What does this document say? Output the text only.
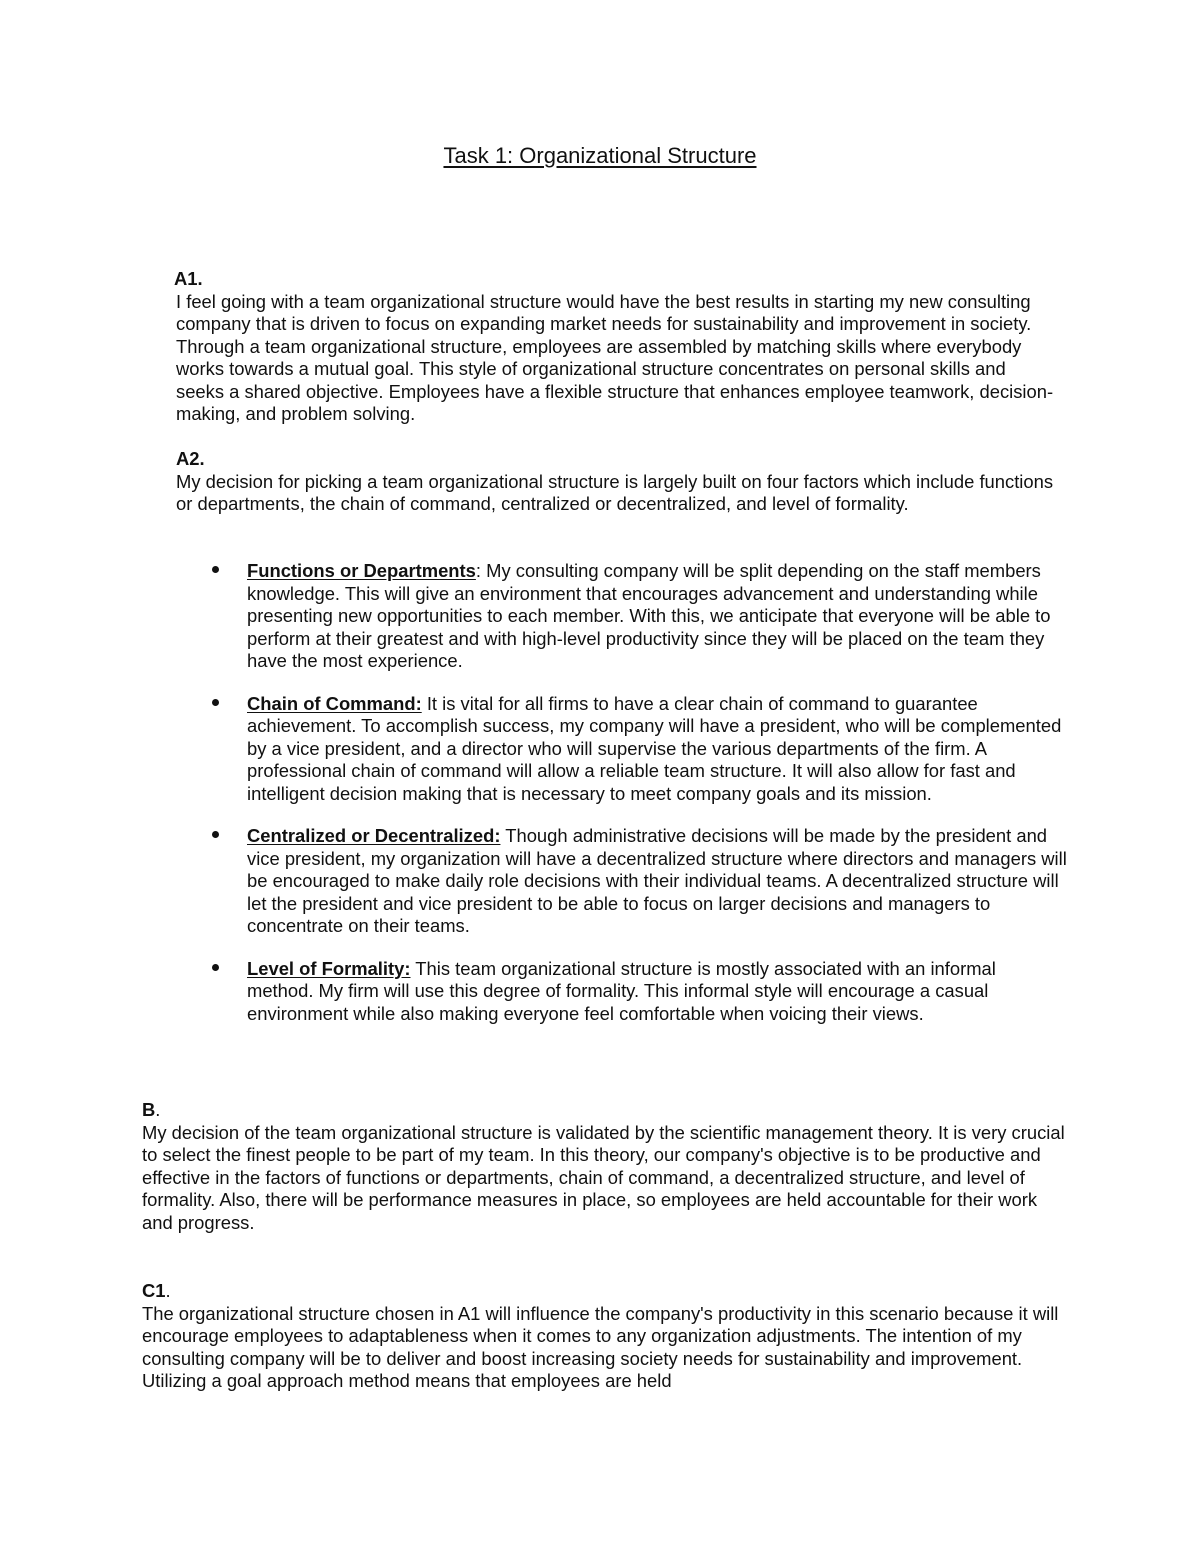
Task 1: Organizational Structure

A1.

I feel going with a team organizational structure would have the best results in starting my new consulting company that is driven to focus on expanding market needs for sustainability and improvement in society. Through a team organizational structure, employees are assembled by matching skills where everybody works towards a mutual goal. This style of organizational structure concentrates on personal skills and seeks a shared objective. Employees have a flexible structure that enhances employee teamwork, decision-making, and problem solving.

A2.

My decision for picking a team organizational structure is largely built on four factors which include functions or departments, the chain of command, centralized or decentralized, and level of formality.

Functions or Departments: My consulting company will be split depending on the staff members knowledge. This will give an environment that encourages advancement and understanding while presenting new opportunities to each member. With this, we anticipate that everyone will be able to perform at their greatest and with high-level productivity since they will be placed on the team they have the most experience.
Chain of Command: It is vital for all firms to have a clear chain of command to guarantee achievement. To accomplish success, my company will have a president, who will be complemented by a vice president, and a director who will supervise the various departments of the firm. A professional chain of command will allow a reliable team structure. It will also allow for fast and intelligent decision making that is necessary to meet company goals and its mission.
Centralized or Decentralized: Though administrative decisions will be made by the president and vice president, my organization will have a decentralized structure where directors and managers will be encouraged to make daily role decisions with their individual teams. A decentralized structure will let the president and vice president to be able to focus on larger decisions and managers to concentrate on their teams.
Level of Formality: This team organizational structure is mostly associated with an informal method. My firm will use this degree of formality. This informal style will encourage a casual environment while also making everyone feel comfortable when voicing their views.

B.

My decision of the team organizational structure is validated by the scientific management theory. It is very crucial to select the finest people to be part of my team. In this theory, our company's objective is to be productive and effective in the factors of functions or departments, chain of command, a decentralized structure, and level of formality. Also, there will be performance measures in place, so employees are held accountable for their work and progress.

C1.

The organizational structure chosen in A1 will influence the company's productivity in this scenario because it will encourage employees to adaptableness when it comes to any organization adjustments. The intention of my consulting company will be to deliver and boost increasing society needs for sustainability and improvement. Utilizing a goal approach method means that employees are held
